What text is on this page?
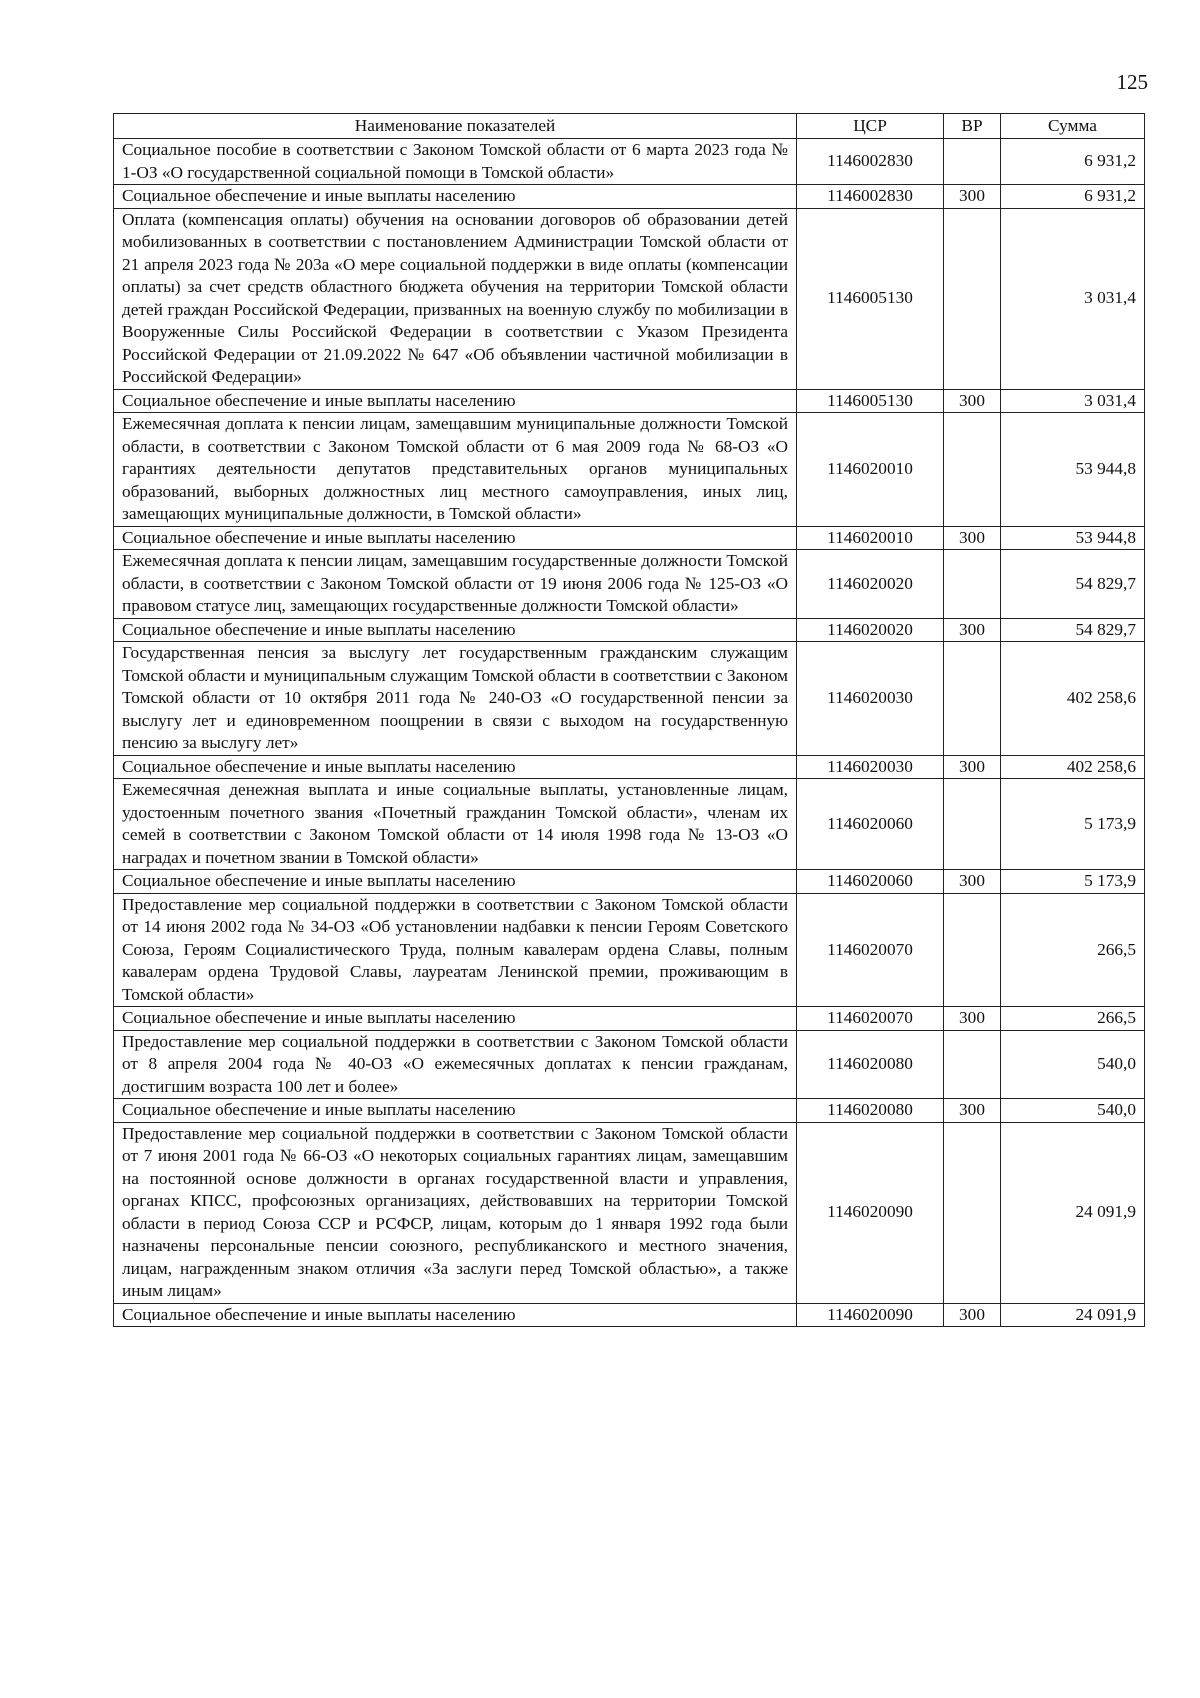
125
Наименование показателей	ЦСР	ВР	Сумма
Социальное пособие в соответствии с Законом Томской области от 6 марта 2023 года № 1-ОЗ «О государственной социальной помощи в Томской области»	1146002830		6 931,2
Социальное обеспечение и иные выплаты населению	1146002830	300	6 931,2
Оплата (компенсация оплаты) обучения на основании договоров об образовании детей мобилизованных в соответствии с постановлением Администрации Томской области от 21 апреля 2023 года № 203а «О мере социальной поддержки в виде оплаты (компенсации оплаты) за счет средств областного бюджета обучения на территории Томской области детей граждан Российской Федерации, призванных на военную службу по мобилизации в Вооруженные Силы Российской Федерации в соответствии с Указом Президента Российской Федерации от 21.09.2022 № 647 «Об объявлении частичной мобилизации в Российской Федерации»	1146005130		3 031,4
Социальное обеспечение и иные выплаты населению	1146005130	300	3 031,4
Ежемесячная доплата к пенсии лицам, замещавшим муниципальные должности Томской области, в соответствии с Законом Томской области от 6 мая 2009 года № 68-ОЗ «О гарантиях деятельности депутатов представительных органов муниципальных образований, выборных должностных лиц местного самоуправления, иных лиц, замещающих муниципальные должности, в Томской области»	1146020010		53 944,8
Социальное обеспечение и иные выплаты населению	1146020010	300	53 944,8
Ежемесячная доплата к пенсии лицам, замещавшим государственные должности Томской области, в соответствии с Законом Томской области от 19 июня 2006 года № 125-ОЗ «О правовом статусе лиц, замещающих государственные должности Томской области»	1146020020		54 829,7
Социальное обеспечение и иные выплаты населению	1146020020	300	54 829,7
Государственная пенсия за выслугу лет государственным гражданским служащим Томской области и муниципальным служащим Томской области в соответствии с Законом Томской области от 10 октября 2011 года № 240-ОЗ «О государственной пенсии за выслугу лет и единовременном поощрении в связи с выходом на государственную пенсию за выслугу лет»	1146020030		402 258,6
Социальное обеспечение и иные выплаты населению	1146020030	300	402 258,6
Ежемесячная денежная выплата и иные социальные выплаты, установленные лицам, удостоенным почетного звания «Почетный гражданин Томской области», членам их семей в соответствии с Законом Томской области от 14 июля 1998 года № 13-ОЗ «О наградах и почетном звании в Томской области»	1146020060		5 173,9
Социальное обеспечение и иные выплаты населению	1146020060	300	5 173,9
Предоставление мер социальной поддержки в соответствии с Законом Томской области от 14 июня 2002 года № 34-ОЗ «Об установлении надбавки к пенсии Героям Советского Союза, Героям Социалистического Труда, полным кавалерам ордена Славы, полным кавалерам ордена Трудовой Славы, лауреатам Ленинской премии, проживающим в Томской области»	1146020070		266,5
Социальное обеспечение и иные выплаты населению	1146020070	300	266,5
Предоставление мер социальной поддержки в соответствии с Законом Томской области от 8 апреля 2004 года № 40-ОЗ «О ежемесячных доплатах к пенсии гражданам, достигшим возраста 100 лет и более»	1146020080		540,0
Социальное обеспечение и иные выплаты населению	1146020080	300	540,0
Предоставление мер социальной поддержки в соответствии с Законом Томской области от 7 июня 2001 года № 66-ОЗ «О некоторых социальных гарантиях лицам, замещавшим на постоянной основе должности в органах государственной власти и управления, органах КПСС, профсоюзных организациях, действовавших на территории Томской области в период Союза ССР и РСФСР, лицам, которым до 1 января 1992 года были назначены персональные пенсии союзного, республиканского и местного значения, лицам, награжденным знаком отличия «За заслуги перед Томской областью», а также иным лицам»	1146020090		24 091,9
Социальное обеспечение и иные выплаты населению	1146020090	300	24 091,9
